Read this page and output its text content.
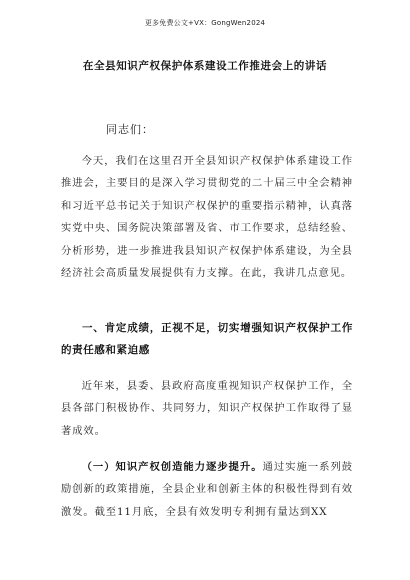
更多免费公文+VX：GongWen2024
在全县知识产权保护体系建设工作推进会上的讲话
同志们：

今天，我们在这里召开全县知识产权保护体系建设工作推进会，主要目的是深入学习贯彻党的二十届三中全会精神和习近平总书记关于知识产权保护的重要指示精神，认真落实党中央、国务院决策部署及省、市工作要求，总结经验、分析形势，进一步推进我县知识产权保护体系建设，为全县经济社会高质量发展提供有力支撑。在此，我讲几点意见。

一、肯定成绩，正视不足，切实增强知识产权保护工作的责任感和紧迫感

近年来，县委、县政府高度重视知识产权保护工作，全县各部门积极协作、共同努力，知识产权保护工作取得了显著成效。

（一）知识产权创造能力逐步提升。通过实施一系列鼓励创新的政策措施，全县企业和创新主体的积极性得到有效激发。截至11月底，全县有效发明专利拥有量达到XX
